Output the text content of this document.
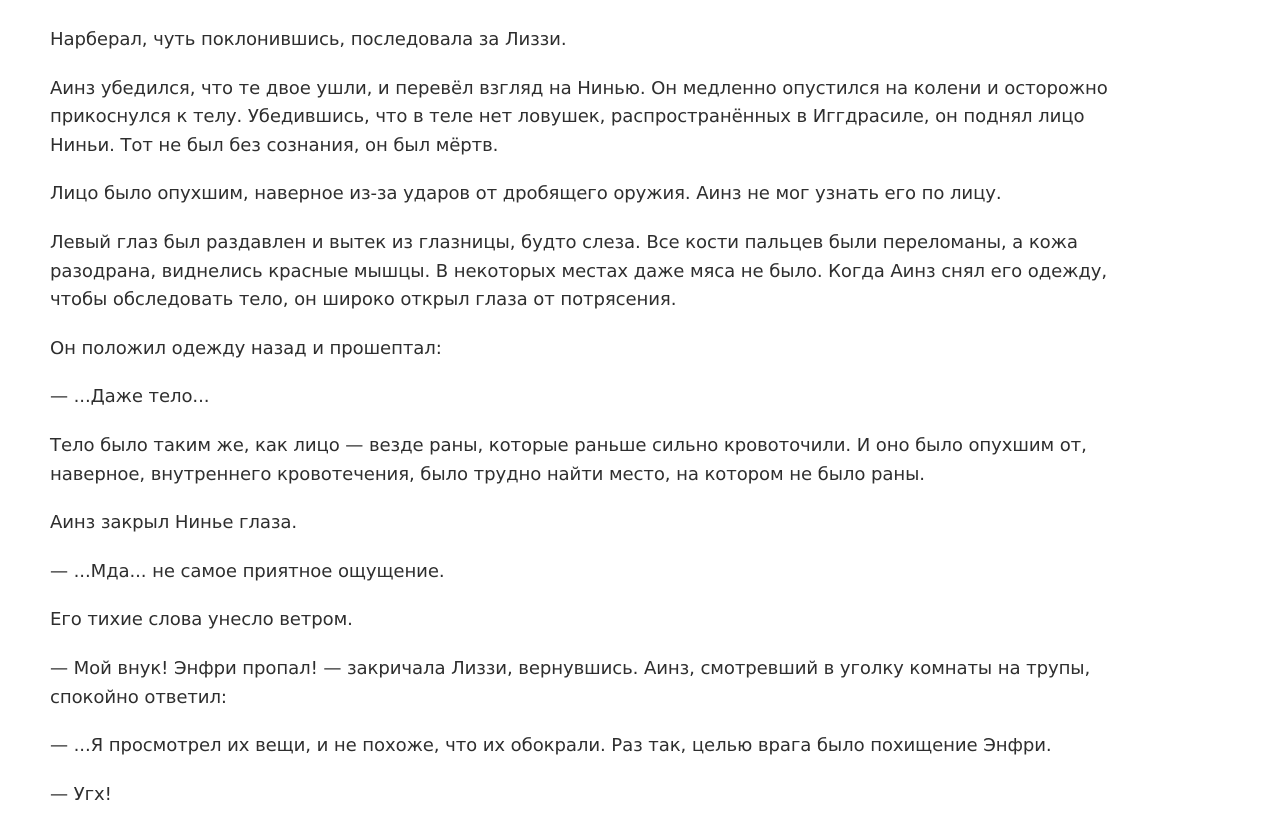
Нарберал, чуть поклонившись, последовала за Лиззи.

Аинз убедился, что те двое ушли, и перевёл взгляд на Нинью. Он медленно опустился на колени и осторожно прикоснулся к телу. Убедившись, что в теле нет ловушек, распространённых в Иггдрасиле, он поднял лицо Ниньи. Тот не был без сознания, он был мёртв.

Лицо было опухшим, наверное из-за ударов от дробящего оружия. Аинз не мог узнать его по лицу.

Левый глаз был раздавлен и вытек из глазницы, будто слеза. Все кости пальцев были переломаны, а кожа разодрана, виднелись красные мышцы. В некоторых местах даже мяса не было. Когда Аинз снял его одежду, чтобы обследовать тело, он широко открыл глаза от потрясения.

Он положил одежду назад и прошептал:

— ...Даже тело...

Тело было таким же, как лицо — везде раны, которые раньше сильно кровоточили. И оно было опухшим от, наверное, внутреннего кровотечения, было трудно найти место, на котором не было раны.

Аинз закрыл Нинье глаза.

— ...Мда... не самое приятное ощущение.

Его тихие слова унесло ветром.

— Мой внук! Энфри пропал! — закричала Лиззи, вернувшись. Аинз, смотревший в уголку комнаты на трупы, спокойно ответил:

— ...Я просмотрел их вещи, и не похоже, что их обокрали. Раз так, целью врага было похищение Энфри.

— Угх!
